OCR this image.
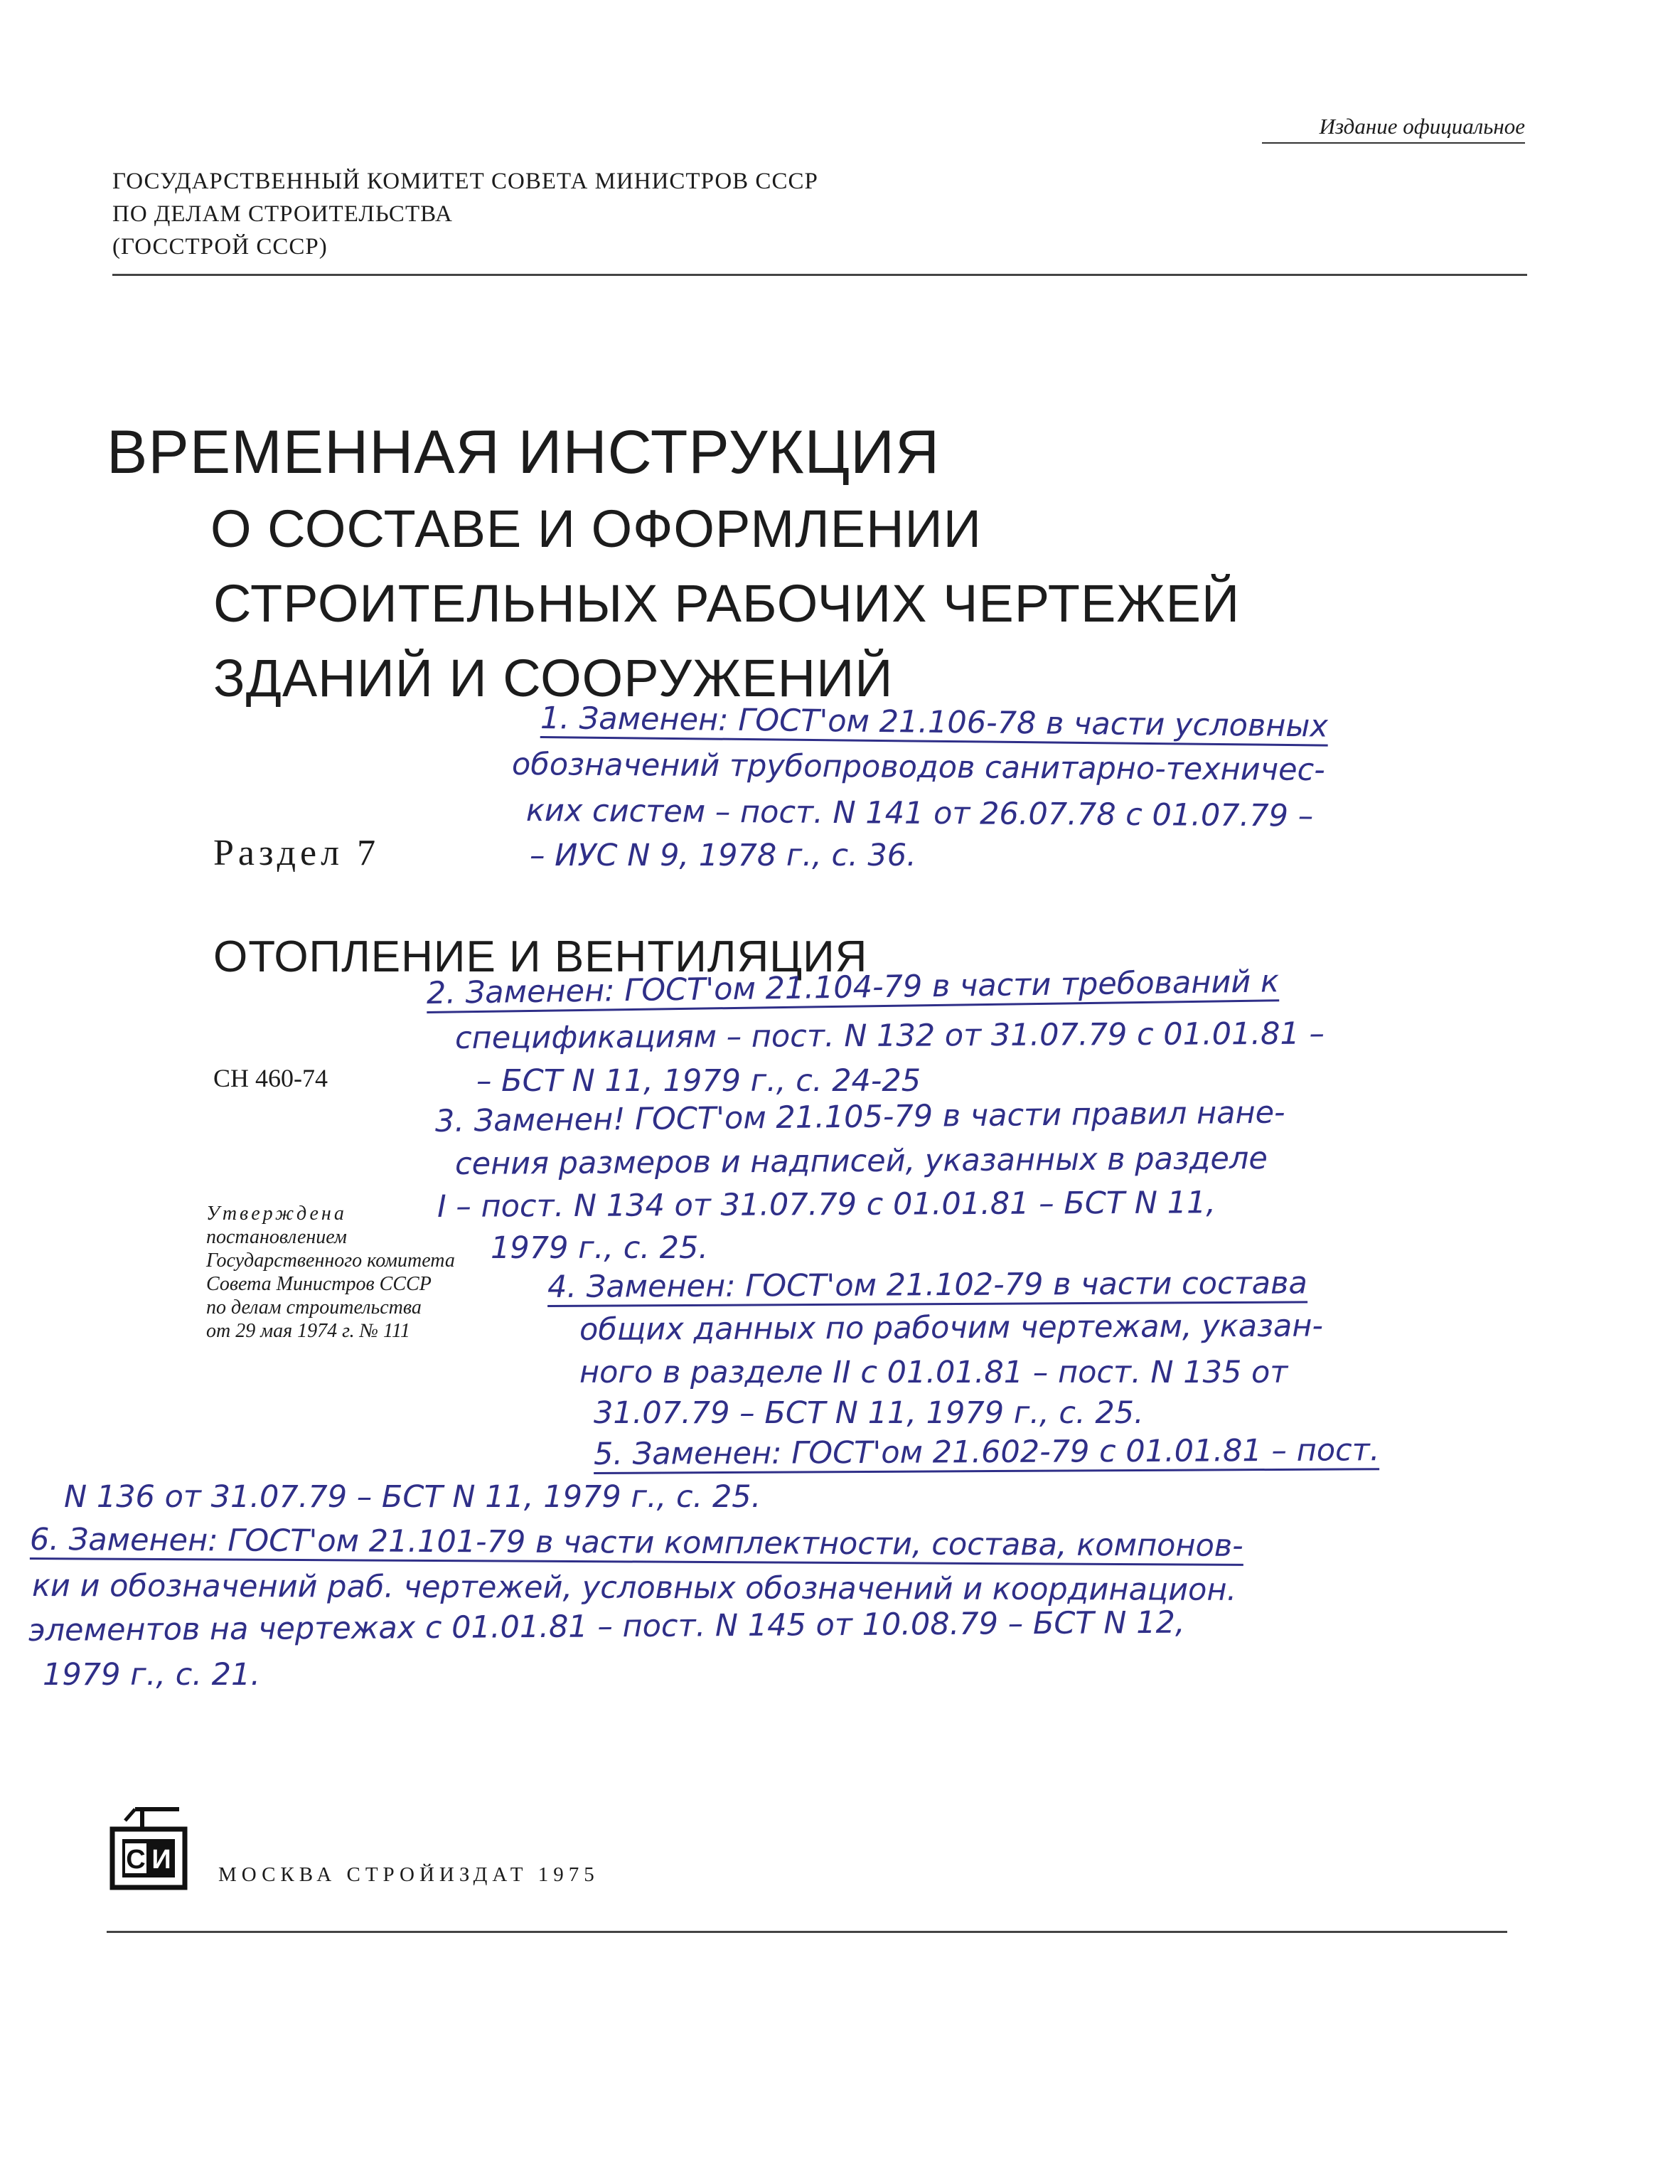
Издание официальное
ГОСУДАРСТВЕННЫЙ КОМИТЕТ СОВЕТА МИНИСТРОВ СССР
ПО ДЕЛАМ СТРОИТЕЛЬСТВА
(ГОССТРОЙ СССР)
ВРЕМЕННАЯ ИНСТРУКЦИЯ
О СОСТАВЕ И ОФОРМЛЕНИИ
СТРОИТЕЛЬНЫХ РАБОЧИХ ЧЕРТЕЖЕЙ
ЗДАНИЙ И СООРУЖЕНИЙ
Раздел 7
ОТОПЛЕНИЕ И ВЕНТИЛЯЦИЯ
СН 460-74
Утверждена
постановлением
Государственного комитета
Совета Министров СССР
по делам строительства
от 29 мая 1974 г. № 111
1. Заменен: ГОСТ'ом 21.106-78 в части условных
обозначений трубопроводов санитарно-техничес-
ких систем – пост. N 141 от 26.07.78 с 01.07.79 –
– ИУС N 9, 1978 г., с. 36.
2. Заменен: ГОСТ'ом 21.104-79 в части требований к
спецификациям – пост. N 132 от 31.07.79 с 01.01.81 –
– БСТ N 11, 1979 г., с. 24-25
3. Заменен! ГОСТ'ом 21.105-79 в части правил нане-
сения размеров и надписей, указанных в разделе
I – пост. N 134 от 31.07.79 с 01.01.81 – БСТ N 11,
1979 г., с. 25.
4. Заменен: ГОСТ'ом 21.102-79 в части состава
общих данных по рабочим чертежам, указан-
ного в разделе II с 01.01.81 – пост. N 135 от
31.07.79 – БСТ N 11, 1979 г., с. 25.
5. Заменен: ГОСТ'ом 21.602-79 с 01.01.81 – пост.
N 136 от 31.07.79 – БСТ N 11, 1979 г., с. 25.
6. Заменен: ГОСТ'ом 21.101-79 в части комплектности, состава, компонов-
ки и обозначений раб. чертежей, условных обозначений и координацион.
элементов на чертежах с 01.01.81 – пост. N 145 от 10.08.79 – БСТ N 12,
1979 г., с. 21.
С И МОСКВА СТРОЙИЗДАТ 1975
